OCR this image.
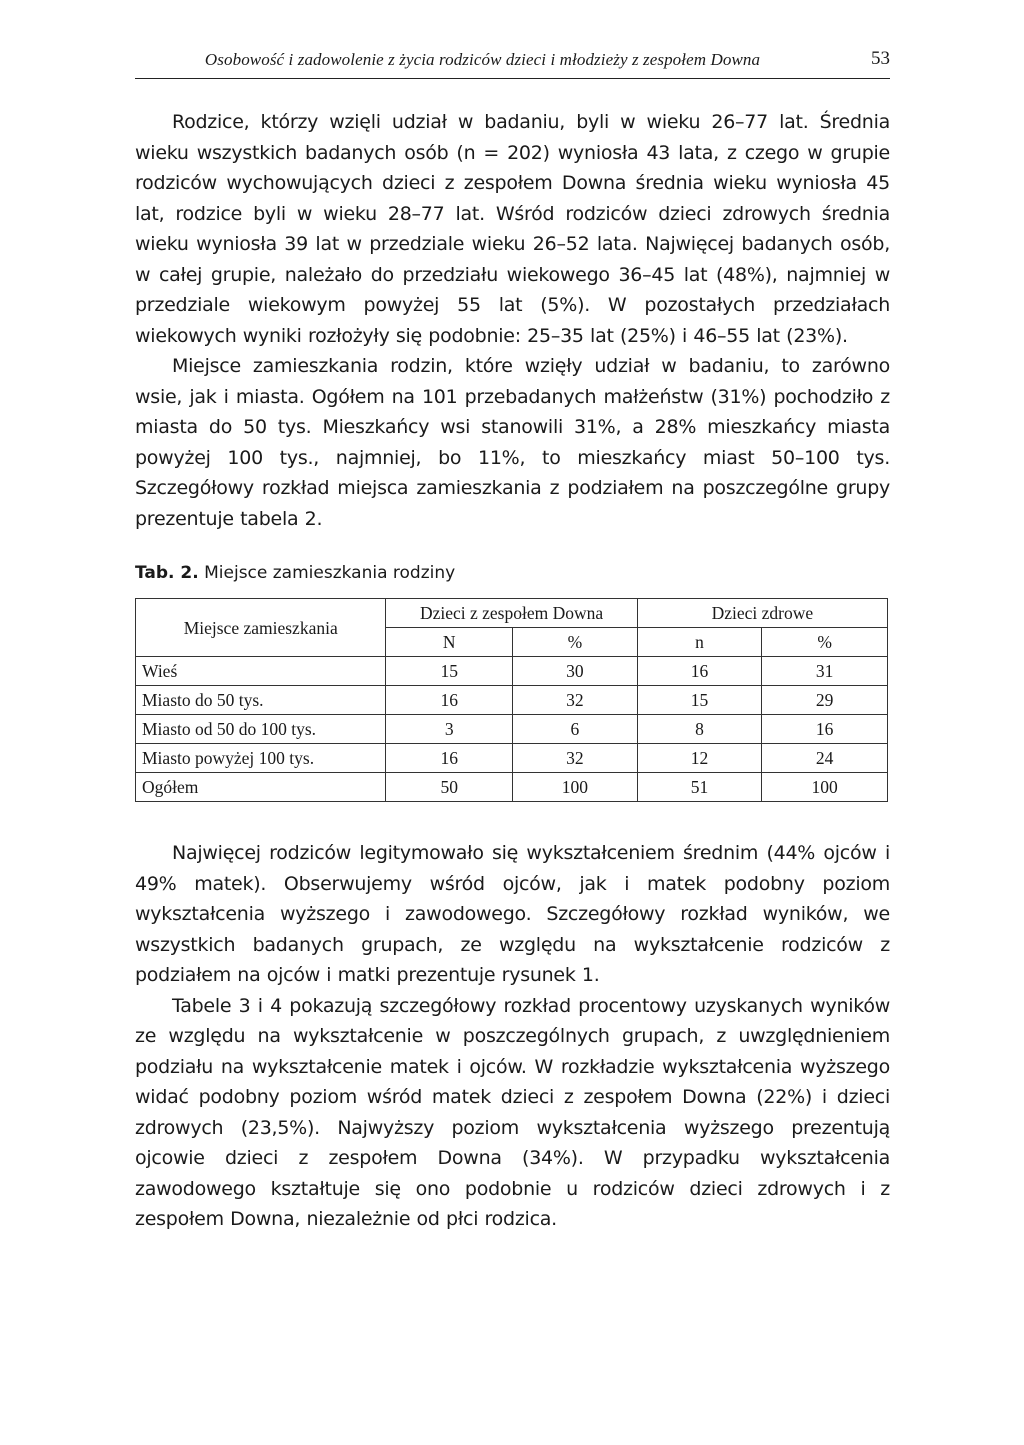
Osobowość i zadowolenie z życia rodziców dzieci i młodzieży z zespołem Downa	53

Rodzice, którzy wzięli udział w badaniu, byli w wieku 26–77 lat. Średnia wieku wszystkich badanych osób (n = 202) wyniosła 43 lata, z czego w grupie rodziców wychowujących dzieci z zespołem Downa średnia wieku wyniosła 45 lat, rodzice byli w wieku 28–77 lat. Wśród rodziców dzieci zdrowych średnia wieku wyniosła 39 lat w przedziale wieku 26–52 lata. Najwięcej badanych osób, w całej grupie, należało do przedziału wiekowego 36–45 lat (48%), najmniej w przedziale wiekowym powyżej 55 lat (5%). W pozostałych przedziałach wiekowych wyniki rozłożyły się podobnie: 25–35 lat (25%) i 46–55 lat (23%).

Miejsce zamieszkania rodzin, które wzięły udział w badaniu, to zarówno wsie, jak i miasta. Ogółem na 101 przebadanych małżeństw (31%) pochodziło z miasta do 50 tys. Mieszkańcy wsi stanowili 31%, a 28% mieszkańcy miasta powyżej 100 tys., najmniej, bo 11%, to mieszkańcy miast 50–100 tys. Szczegółowy rozkład miejsca zamieszkania z podziałem na poszczególne grupy prezentuje tabela 2.

Tab. 2. Miejsce zamieszkania rodziny
Miejsce zamieszkania	Dzieci z zespołem Downa		Dzieci zdrowe	
	N	%	n	%
Wieś	15	30	16	31
Miasto do 50 tys.	16	32	15	29
Miasto od 50 do 100 tys.	3	6	8	16
Miasto powyżej 100 tys.	16	32	12	24
Ogółem	50	100	51	100

Najwięcej rodziców legitymowało się wykształceniem średnim (44% ojców i 49% matek). Obserwujemy wśród ojców, jak i matek podobny poziom wykształcenia wyższego i zawodowego. Szczegółowy rozkład wyników, we wszystkich badanych grupach, ze względu na wykształcenie rodziców z podziałem na ojców i matki prezentuje rysunek 1.

Tabele 3 i 4 pokazują szczegółowy rozkład procentowy uzyskanych wyników ze względu na wykształcenie w poszczególnych grupach, z uwzględnieniem podziału na wykształcenie matek i ojców. W rozkładzie wykształcenia wyższego widać podobny poziom wśród matek dzieci z zespołem Downa (22%) i dzieci zdrowych (23,5%). Najwyższy poziom wykształcenia wyższego prezentują ojcowie dzieci z zespołem Downa (34%). W przypadku wykształcenia zawodowego kształtuje się ono podobnie u rodziców dzieci zdrowych i z zespołem Downa, niezależnie od płci rodzica.
